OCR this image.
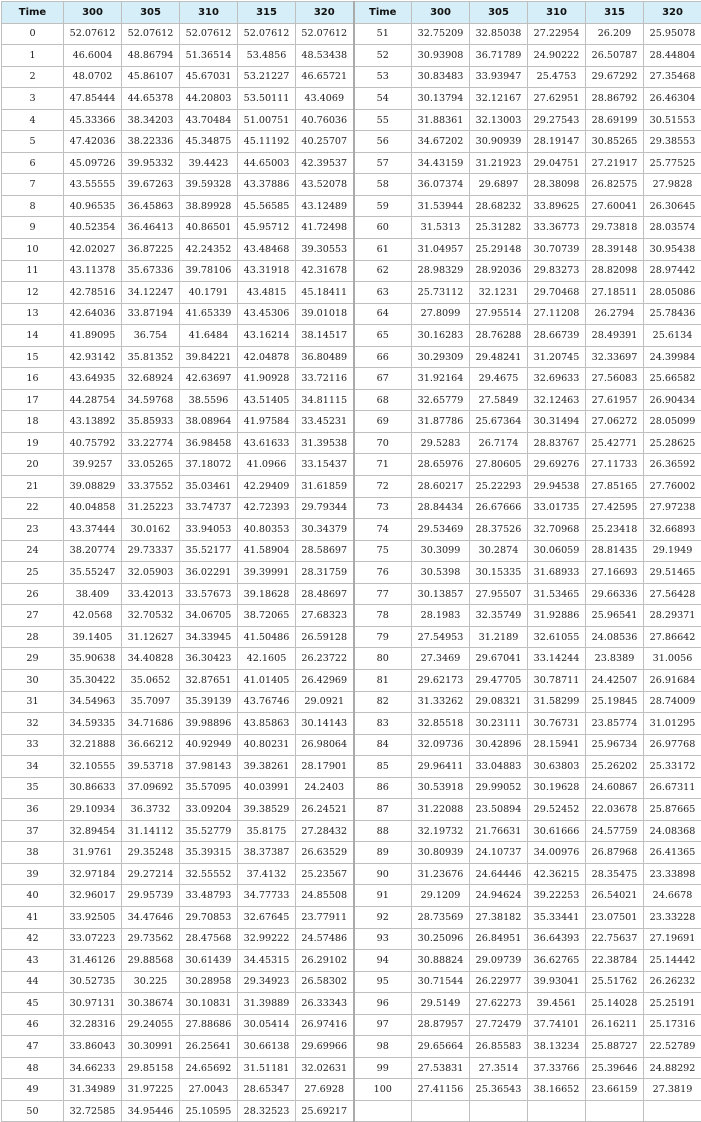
Time	300	305	310	315	320	Time	300	305	310	315	320
0	52.07612	52.07612	52.07612	52.07612	52.07612	51	32.75209	32.85038	27.22954	26.209	25.95078
1	46.6004	48.86794	51.36514	53.4856	48.53438	52	30.93908	36.71789	24.90222	26.50787	28.44804
2	48.0702	45.86107	45.67031	53.21227	46.65721	53	30.83483	33.93947	25.4753	29.67292	27.35468
3	47.85444	44.65378	44.20803	53.50111	43.4069	54	30.13794	32.12167	27.62951	28.86792	26.46304
4	45.33366	38.34203	43.70484	51.00751	40.76036	55	31.88361	32.13003	29.27543	28.69199	30.51553
5	47.42036	38.22336	45.34875	45.11192	40.25707	56	34.67202	30.90939	28.19147	30.85265	29.38553
6	45.09726	39.95332	39.4423	44.65003	42.39537	57	34.43159	31.21923	29.04751	27.21917	25.77525
7	43.55555	39.67263	39.59328	43.37886	43.52078	58	36.07374	29.6897	28.38098	26.82575	27.9828
8	40.96535	36.45863	38.89928	45.56585	43.12489	59	31.53944	28.68232	33.89625	27.60041	26.30645
9	40.52354	36.46413	40.86501	45.95712	41.72498	60	31.5313	25.31282	33.36773	29.73818	28.03574
10	42.02027	36.87225	42.24352	43.48468	39.30553	61	31.04957	25.29148	30.70739	28.39148	30.95438
11	43.11378	35.67336	39.78106	43.31918	42.31678	62	28.98329	28.92036	29.83273	28.82098	28.97442
12	42.78516	34.12247	40.1791	43.4815	45.18411	63	25.73112	32.1231	29.70468	27.18511	28.05086
13	42.64036	33.87194	41.65339	43.45306	39.01018	64	27.8099	27.95514	27.11208	26.2794	25.78436
14	41.89095	36.754	41.6484	43.16214	38.14517	65	30.16283	28.76288	28.66739	28.49391	25.6134
15	42.93142	35.81352	39.84221	42.04878	36.80489	66	30.29309	29.48241	31.20745	32.33697	24.39984
16	43.64935	32.68924	42.63697	41.90928	33.72116	67	31.92164	29.4675	32.69633	27.56083	25.66582
17	44.28754	34.59768	38.5596	43.51405	34.81115	68	32.65779	27.5849	32.12463	27.61957	26.90434
18	43.13892	35.85933	38.08964	41.97584	33.45231	69	31.87786	25.67364	30.31494	27.06272	28.05099
19	40.75792	33.22774	36.98458	43.61633	31.39538	70	29.5283	26.7174	28.83767	25.42771	25.28625
20	39.9257	33.05265	37.18072	41.0966	33.15437	71	28.65976	27.80605	29.69276	27.11733	26.36592
21	39.08829	33.37552	35.03461	42.29409	31.61859	72	28.60217	25.22293	29.94538	27.85165	27.76002
22	40.04858	31.25223	33.74737	42.72393	29.79344	73	28.84434	26.67666	33.01735	27.42595	27.97238
23	43.37444	30.0162	33.94053	40.80353	30.34379	74	29.53469	28.37526	32.70968	25.23418	32.66893
24	38.20774	29.73337	35.52177	41.58904	28.58697	75	30.3099	30.2874	30.06059	28.81435	29.1949
25	35.55247	32.05903	36.02291	39.39991	28.31759	76	30.5398	30.15335	31.68933	27.16693	29.51465
26	38.409	33.42013	33.57673	39.18628	28.48697	77	30.13857	27.95507	31.53465	29.66336	27.56428
27	42.0568	32.70532	34.06705	38.72065	27.68323	78	28.1983	32.35749	31.92886	25.96541	28.29371
28	39.1405	31.12627	34.33945	41.50486	26.59128	79	27.54953	31.2189	32.61055	24.08536	27.86642
29	35.90638	34.40828	36.30423	42.1605	26.23722	80	27.3469	29.67041	33.14244	23.8389	31.0056
30	35.30422	35.0652	32.87651	41.01405	26.42969	81	29.62173	29.47705	30.78711	24.42507	26.91684
31	34.54963	35.7097	35.39139	43.76746	29.0921	82	31.33262	29.08321	31.58299	25.19845	28.74009
32	34.59335	34.71686	39.98896	43.85863	30.14143	83	32.85518	30.23111	30.76731	23.85774	31.01295
33	32.21888	36.66212	40.92949	40.80231	26.98064	84	32.09736	30.42896	28.15941	25.96734	26.97768
34	32.10555	39.53718	37.98143	39.38261	28.17901	85	29.96411	33.04883	30.63803	25.26202	25.33172
35	30.86633	37.09692	35.57095	40.03991	24.2403	86	30.53918	29.99052	30.19628	24.60867	26.67311
36	29.10934	36.3732	33.09204	39.38529	26.24521	87	31.22088	23.50894	29.52452	22.03678	25.87665
37	32.89454	31.14112	35.52779	35.8175	27.28432	88	32.19732	21.76631	30.61666	24.57759	24.08368
38	31.9761	29.35248	35.39315	38.37387	26.63529	89	30.80939	24.10737	34.00976	26.87968	26.41365
39	32.97184	29.27214	32.55552	37.4132	25.23567	90	31.23676	24.64446	42.36215	28.35475	23.33898
40	32.96017	29.95739	33.48793	34.77733	24.85508	91	29.1209	24.94624	39.22253	26.54021	24.6678
41	33.92505	34.47646	29.70853	32.67645	23.77911	92	28.73569	27.38182	35.33441	23.07501	23.33228
42	33.07223	29.73562	28.47568	32.99222	24.57486	93	30.25096	26.84951	36.64393	22.75637	27.19691
43	31.46126	29.88568	30.61439	34.45315	26.29102	94	30.88824	29.09739	36.62765	22.38784	25.14442
44	30.52735	30.225	30.28958	29.34923	26.58302	95	30.71544	26.22977	39.93041	25.51762	26.26232
45	30.97131	30.38674	30.10831	31.39889	26.33343	96	29.5149	27.62273	39.4561	25.14028	25.25191
46	32.28316	29.24055	27.88686	30.05414	26.97416	97	28.87957	27.72479	37.74101	26.16211	25.17316
47	33.86043	30.30991	26.25641	30.66138	29.69966	98	29.65664	26.85583	38.13234	25.88727	22.52789
48	34.66233	29.85158	24.65692	31.51181	32.02631	99	27.53831	27.3514	37.33766	25.39646	24.88292
49	31.34989	31.97225	27.0043	28.65347	27.6928	100	27.41156	25.36543	38.16652	23.66159	27.3819
50	32.72585	34.95446	25.10595	28.32523	25.69217						
